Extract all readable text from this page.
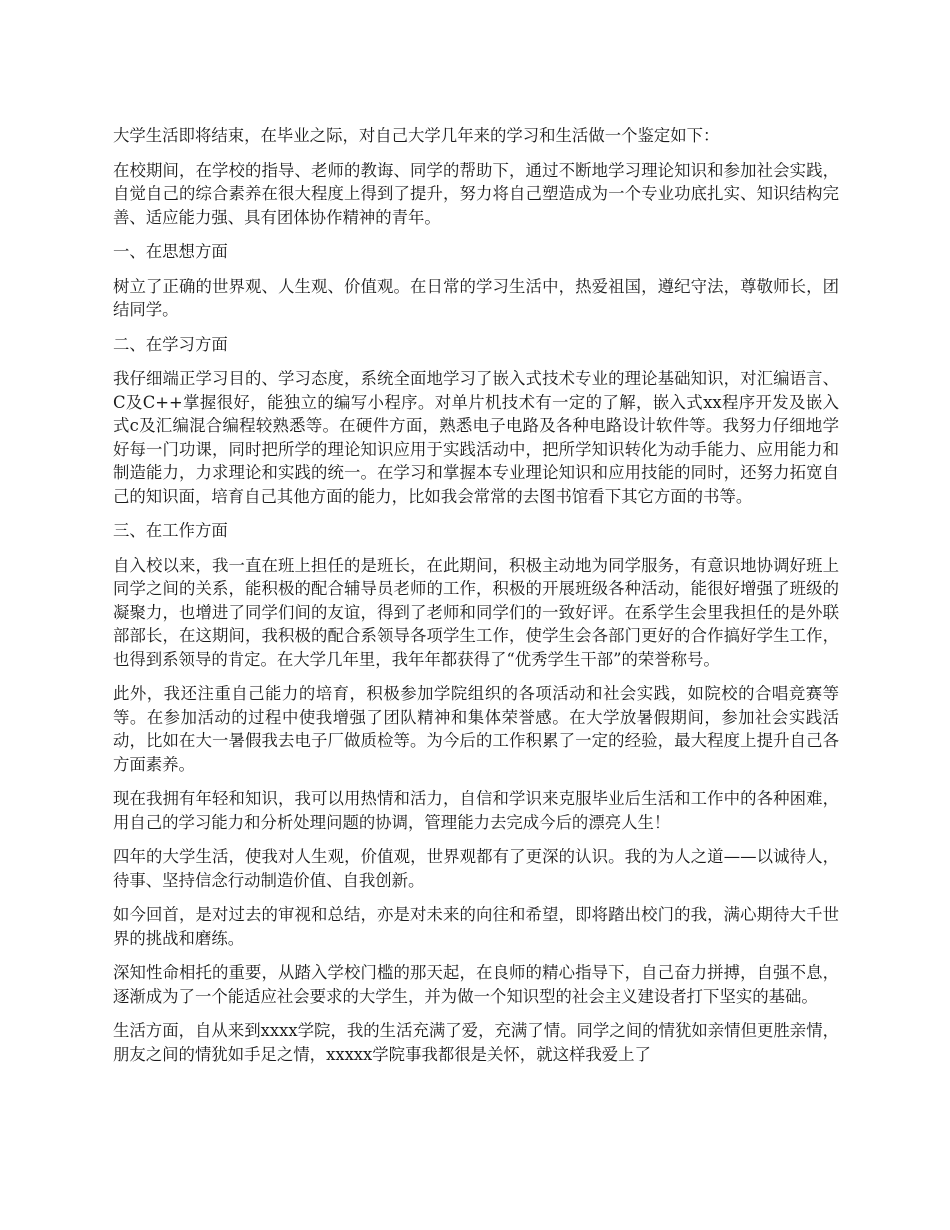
大学生活即将结束，在毕业之际，对自己大学几年来的学习和生活做一个鉴定如下：

在校期间，在学校的指导、老师的教诲、同学的帮助下，通过不断地学习理论知识和参加社会实践，自觉自己的综合素养在很大程度上得到了提升，努力将自己塑造成为一个专业功底扎实、知识结构完善、适应能力强、具有团体协作精神的青年。

一、在思想方面

树立了正确的世界观、人生观、价值观。在日常的学习生活中，热爱祖国，遵纪守法，尊敬师长，团结同学。

二、在学习方面

我仔细端正学习目的、学习态度，系统全面地学习了嵌入式技术专业的理论基础知识，对汇编语言、C及C++掌握很好，能独立的编写小程序。对单片机技术有一定的了解，嵌入式xx程序开发及嵌入式c及汇编混合编程较熟悉等。在硬件方面，熟悉电子电路及各种电路设计软件等。我努力仔细地学好每一门功课，同时把所学的理论知识应用于实践活动中，把所学知识转化为动手能力、应用能力和制造能力，力求理论和实践的统一。在学习和掌握本专业理论知识和应用技能的同时，还努力拓宽自己的知识面，培育自己其他方面的能力，比如我会常常的去图书馆看下其它方面的书等。

三、在工作方面

自入校以来，我一直在班上担任的是班长，在此期间，积极主动地为同学服务，有意识地协调好班上同学之间的关系，能积极的配合辅导员老师的工作，积极的开展班级各种活动，能很好增强了班级的凝聚力，也增进了同学们间的友谊，得到了老师和同学们的一致好评。在系学生会里我担任的是外联部部长，在这期间，我积极的配合系领导各项学生工作，使学生会各部门更好的合作搞好学生工作，也得到系领导的肯定。在大学几年里，我年年都获得了“优秀学生干部”的荣誉称号。

此外，我还注重自己能力的培育，积极参加学院组织的各项活动和社会实践，如院校的合唱竞赛等等。在参加活动的过程中使我增强了团队精神和集体荣誉感。在大学放暑假期间，参加社会实践活动，比如在大一暑假我去电子厂做质检等。为今后的工作积累了一定的经验，最大程度上提升自己各方面素养。

现在我拥有年轻和知识，我可以用热情和活力，自信和学识来克服毕业后生活和工作中的各种困难，用自己的学习能力和分析处理问题的协调，管理能力去完成今后的漂亮人生！

四年的大学生活，使我对人生观，价值观，世界观都有了更深的认识。我的为人之道——以诚待人，待事、坚持信念行动制造价值、自我创新。

如今回首，是对过去的审视和总结，亦是对未来的向往和希望，即将踏出校门的我，满心期待大千世界的挑战和磨练。

深知性命相托的重要，从踏入学校门槛的那天起，在良师的精心指导下，自己奋力拼搏，自强不息，逐渐成为了一个能适应社会要求的大学生，并为做一个知识型的社会主义建设者打下坚实的基础。

生活方面，自从来到xxxx学院，我的生活充满了爱，充满了情。同学之间的情犹如亲情但更胜亲情，朋友之间的情犹如手足之情，xxxxx学院事我都很是关怀，就这样我爱上了
